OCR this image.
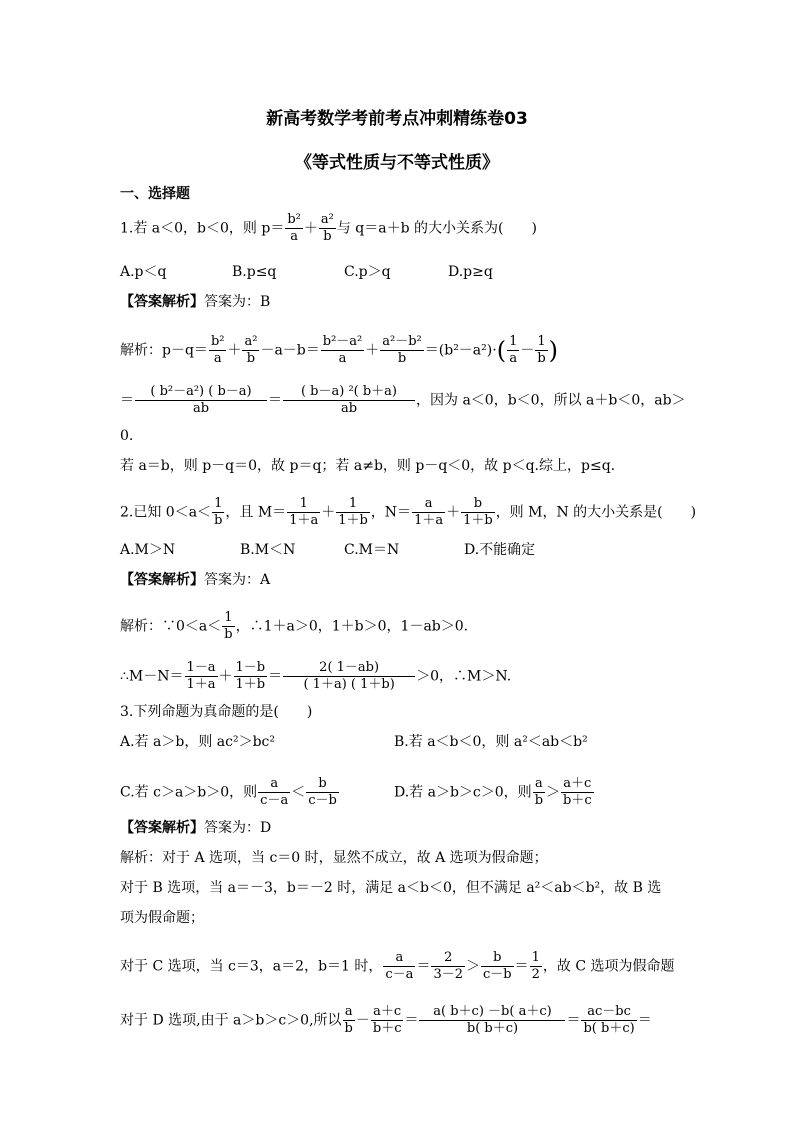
新高考数学考前考点冲刺精练卷03
《等式性质与不等式性质》
一、选择题
1.若 a＜0，b＜0，则 $p= \frac{\text{b²}}{a} + \frac{\text{a²}}{b}$ 与 q＝a＋b 的大小关系为(　　)
A.p＜q	B.p≤q	C.p＞q	D.p≥q
【答案解析】答案为：B
解析：$p-q= \frac{\text{b²}}{a} + \frac{\text{a²}}{b} -a-b= \frac{\text{b²－a²}}{a} + \frac{\text{a²－b²}}{b} =(b^2-a^2)\cdot( \frac{1}{a} - \frac{1}{b}$ )
＝ $\frac{\text{( b²－a²) ( b－a)}}{ab} = \frac{\text{( b－a) ²( b＋a)}}{ab}$ ，因为 a＜0，b＜0，所以 a＋b＜0，ab＞
0.
若 a＝b，则 p－q＝0，故 p＝q；若 a≠b，则 p－q＜0，故 p＜q.综上，p≤q.
2.已知 $0<a< \frac{1}{b}$ ，且 $M= \frac{1}{1+a} + \frac{1}{1+b}$ ，$N= \frac{a}{1+a} + \frac{b}{1+b}$ ，则 M，N 的大小关系是(　　)
A.M＞N	B.M＜N	C.M＝N	D.不能确定
【答案解析】答案为：A
解析：∵0＜a＜ $\frac{1}{b}$ ，∴1＋a＞0，1＋b＞0，1－ab＞0.
∴M－N＝ $\frac{1-a}{1+a} + \frac{1-b}{1+b} = \frac{2( 1-ab)}{( 1+a) ( 1+b)} >0$，∴M＞N.
3.下列命题为真命题的是(　　)
A.若 a＞b，则 ac²＞bc²	B.若 a＜b＜0，则 a²＜ab＜b²
C.若 c＞a＞b＞0，则 $\frac{a}{c-a} < \frac{b}{c-b}$	D.若 a＞b＞c＞0，则 $\frac{a}{b} > \frac{a+c}{b+c}$
【答案解析】答案为：D
解析：对于 A 选项，当 c＝0 时，显然不成立，故 A 选项为假命题；
对于 B 选项，当 a＝－3，b＝－2 时，满足 a＜b＜0，但不满足 a²＜ab＜b²，故 B 选
项为假命题；
对于 C 选项，当 c＝3，a＝2，b＝1 时， $\frac{a}{c-a} = \frac{2}{3-2} > \frac{b}{c-b} = \frac{1}{2}$ ，故 C 选项为假命题
对于 D 选项,由于 a＞b＞c＞0,所以 $\frac{a}{b} - \frac{a+c}{b+c} = \frac{a( b+c) -b( a+c)}{b( b+c)} = \frac{ac-bc}{b( b+c)}$ ＝
